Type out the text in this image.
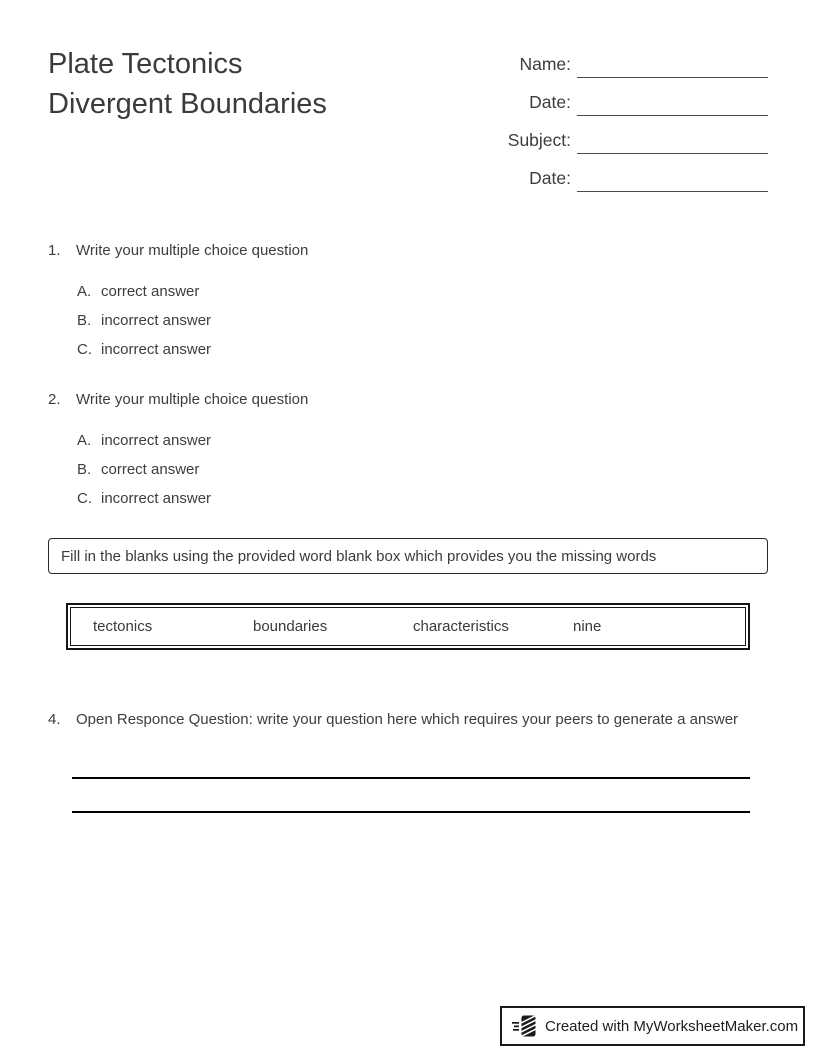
Plate Tectonics
Divergent Boundaries
Name:
Date:
Subject:
Date:
1.	Write your multiple choice question
A. correct answer
B. incorrect answer
C. incorrect answer
2.	Write your multiple choice question
A. incorrect answer
B. correct answer
C. incorrect answer
Fill in the blanks using the provided word blank box which provides you the missing words
tectonics	boundaries	characteristics	nine
4.	Open Responce Question: write your question here which requires your peers to generate a answer
Created with MyWorksheetMaker.com
